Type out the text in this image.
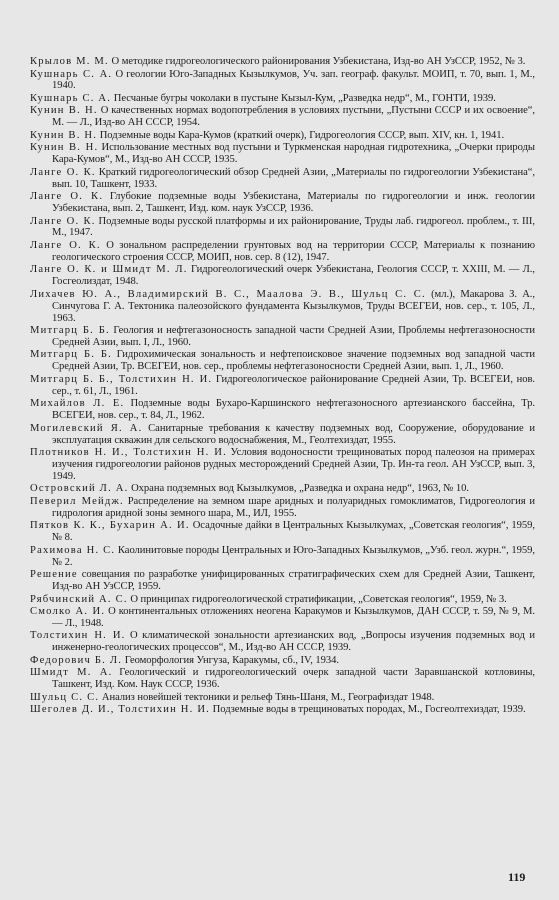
Крылов М. М. О методике гидрогеологического районирования Узбекистана, Изд-во АН УзССР, 1952, № 3.

Кушнарь С. А. О геологии Юго-Западных Кызылкумов, Уч. зап. географ. факульт. МОИП, т. 70, вып. 1, М., 1940.

Кушнарь С. А. Песчаные бугры чоколаки в пустыне Кызыл-Кум, „Разведка недр“, М., ГОНТИ, 1939.

Кунин В. Н. О качественных нормах водопотребления в условиях пустыни, „Пустыни СССР и их освоение“, М. — Л., Изд-во АН СССР, 1954.

Кунин В. Н. Подземные воды Кара-Кумов (краткий очерк), Гидрогеология СССР, вып. XIV, кн. 1, 1941.

Кунин В. Н. Использование местных вод пустыни и Туркменская народная гидротехника, „Очерки природы Кара-Кумов“, М., Изд-во АН СССР, 1935.

Ланге О. К. Краткий гидрогеологический обзор Средней Азии, „Материалы по гидрогеологии Узбекистана“, вып. 10, Ташкент, 1933.

Ланге О. К. Глубокие подземные воды Узбекистана, Материалы по гидрогеологии и инж. геологии Узбекистана, вып. 2, Ташкент, Изд. ком. наук УзССР, 1936.

Ланге О. К. Подземные воды русской платформы и их районирование, Труды лаб. гидрогеол. проблем., т. III, М., 1947.

Ланге О. К. О зональном распределении грунтовых вод на территории СССР, Материалы к познанию геологического строения СССР, МОИП, нов. сер. 8 (12), 1947.

Ланге О. К. и Шмидт М. Л. Гидрогеологический очерк Узбекистана, Геология СССР, т. XXIII, М. — Л., Госгеолиздат, 1948.

Лихачев Ю. А., Владимирский В. С., Маалова Э. В., Шульц С. С. (мл.), Макарова З. А., Синчугова Г. А. Тектоника палеозойского фундамента Кызылкумов, Труды ВСЕГЕИ, нов. сер., т. 105, Л., 1963.

Митгарц Б. Б. Геология и нефтегазоносность западной части Средней Азии, Проблемы нефтегазоносности Средней Азии, вып. I, Л., 1960.

Митгарц Б. Б. Гидрохимическая зональность и нефтепоисковое значение подземных вод западной части Средней Азии, Тр. ВСЕГЕИ, нов. сер., проблемы нефтегазоносности Средней Азии, вып. 1, Л., 1960.

Митгарц Б. Б., Толстихин Н. И. Гидрогеологическое районирование Средней Азии, Тр. ВСЕГЕИ, нов. сер., т. 61, Л., 1961.

Михайлов Л. Е. Подземные воды Бухаро-Каршинского нефтегазоносного артезианского бассейна, Тр. ВСЕГЕИ, нов. сер., т. 84, Л., 1962.

Могилевский Я. А. Санитарные требования к качеству подземных вод, Сооружение, оборудование и эксплуатация скважин для сельского водоснабжения, М., Геолтехиздат, 1955.

Плотников Н. И., Толстихин Н. И. Условия водоносности трещиноватых пород палеозоя на примерах изучения гидрогеологии районов рудных месторождений Средней Азии, Тр. Ин-та геол. АН УзССР, вып. 3, 1949.

Островский Л. А. Охрана подземных вод Кызылкумов, „Разведка и охрана недр“, 1963, № 10.

Певерил Мейдж. Распределение на земном шаре аридных и полуаридных гомоклиматов, Гидрогеология и гидрология аридной зоны земного шара, М., ИЛ, 1955.

Пятков К. К., Бухарин А. И. Осадочные дайки в Центральных Кызылкумах, „Советская геология“, 1959, № 8.

Рахимова Н. С. Каолинитовые породы Центральных и Юго-Западных Кызылкумов, „Узб. геол. журн.“, 1959, № 2.

Решение совещания по разработке унифицированных стратиграфических схем для Средней Азии, Ташкент, Изд-во АН УзССР, 1959.

Рябчинский А. С. О принципах гидрогеологической стратификации, „Советская геология“, 1959, № 3.

Смолко А. И. О континентальных отложениях неогена Каракумов и Кызылкумов, ДАН СССР, т. 59, № 9, М. — Л., 1948.

Толстихин Н. И. О климатической зональности артезианских вод, „Вопросы изучения подземных вод и инженерно-геологических процессов“, М., Изд-во АН СССР, 1939.

Федорович Б. Л. Геоморфология Унгуза, Каракумы, сб., IV, 1934.

Шмидт М. А. Геологический и гидрогеологический очерк западной части Заравшанской котловины, Ташкент, Изд. Ком. Наук СССР, 1936.

Шульц С. С. Анализ новейшей тектоники и рельеф Тянь-Шаня, М., Географиздат 1948.

Шеголев Д. И., Толстихин Н. И. Подземные воды в трещиноватых породах, М., Госгеолтехиздат, 1939.

119
